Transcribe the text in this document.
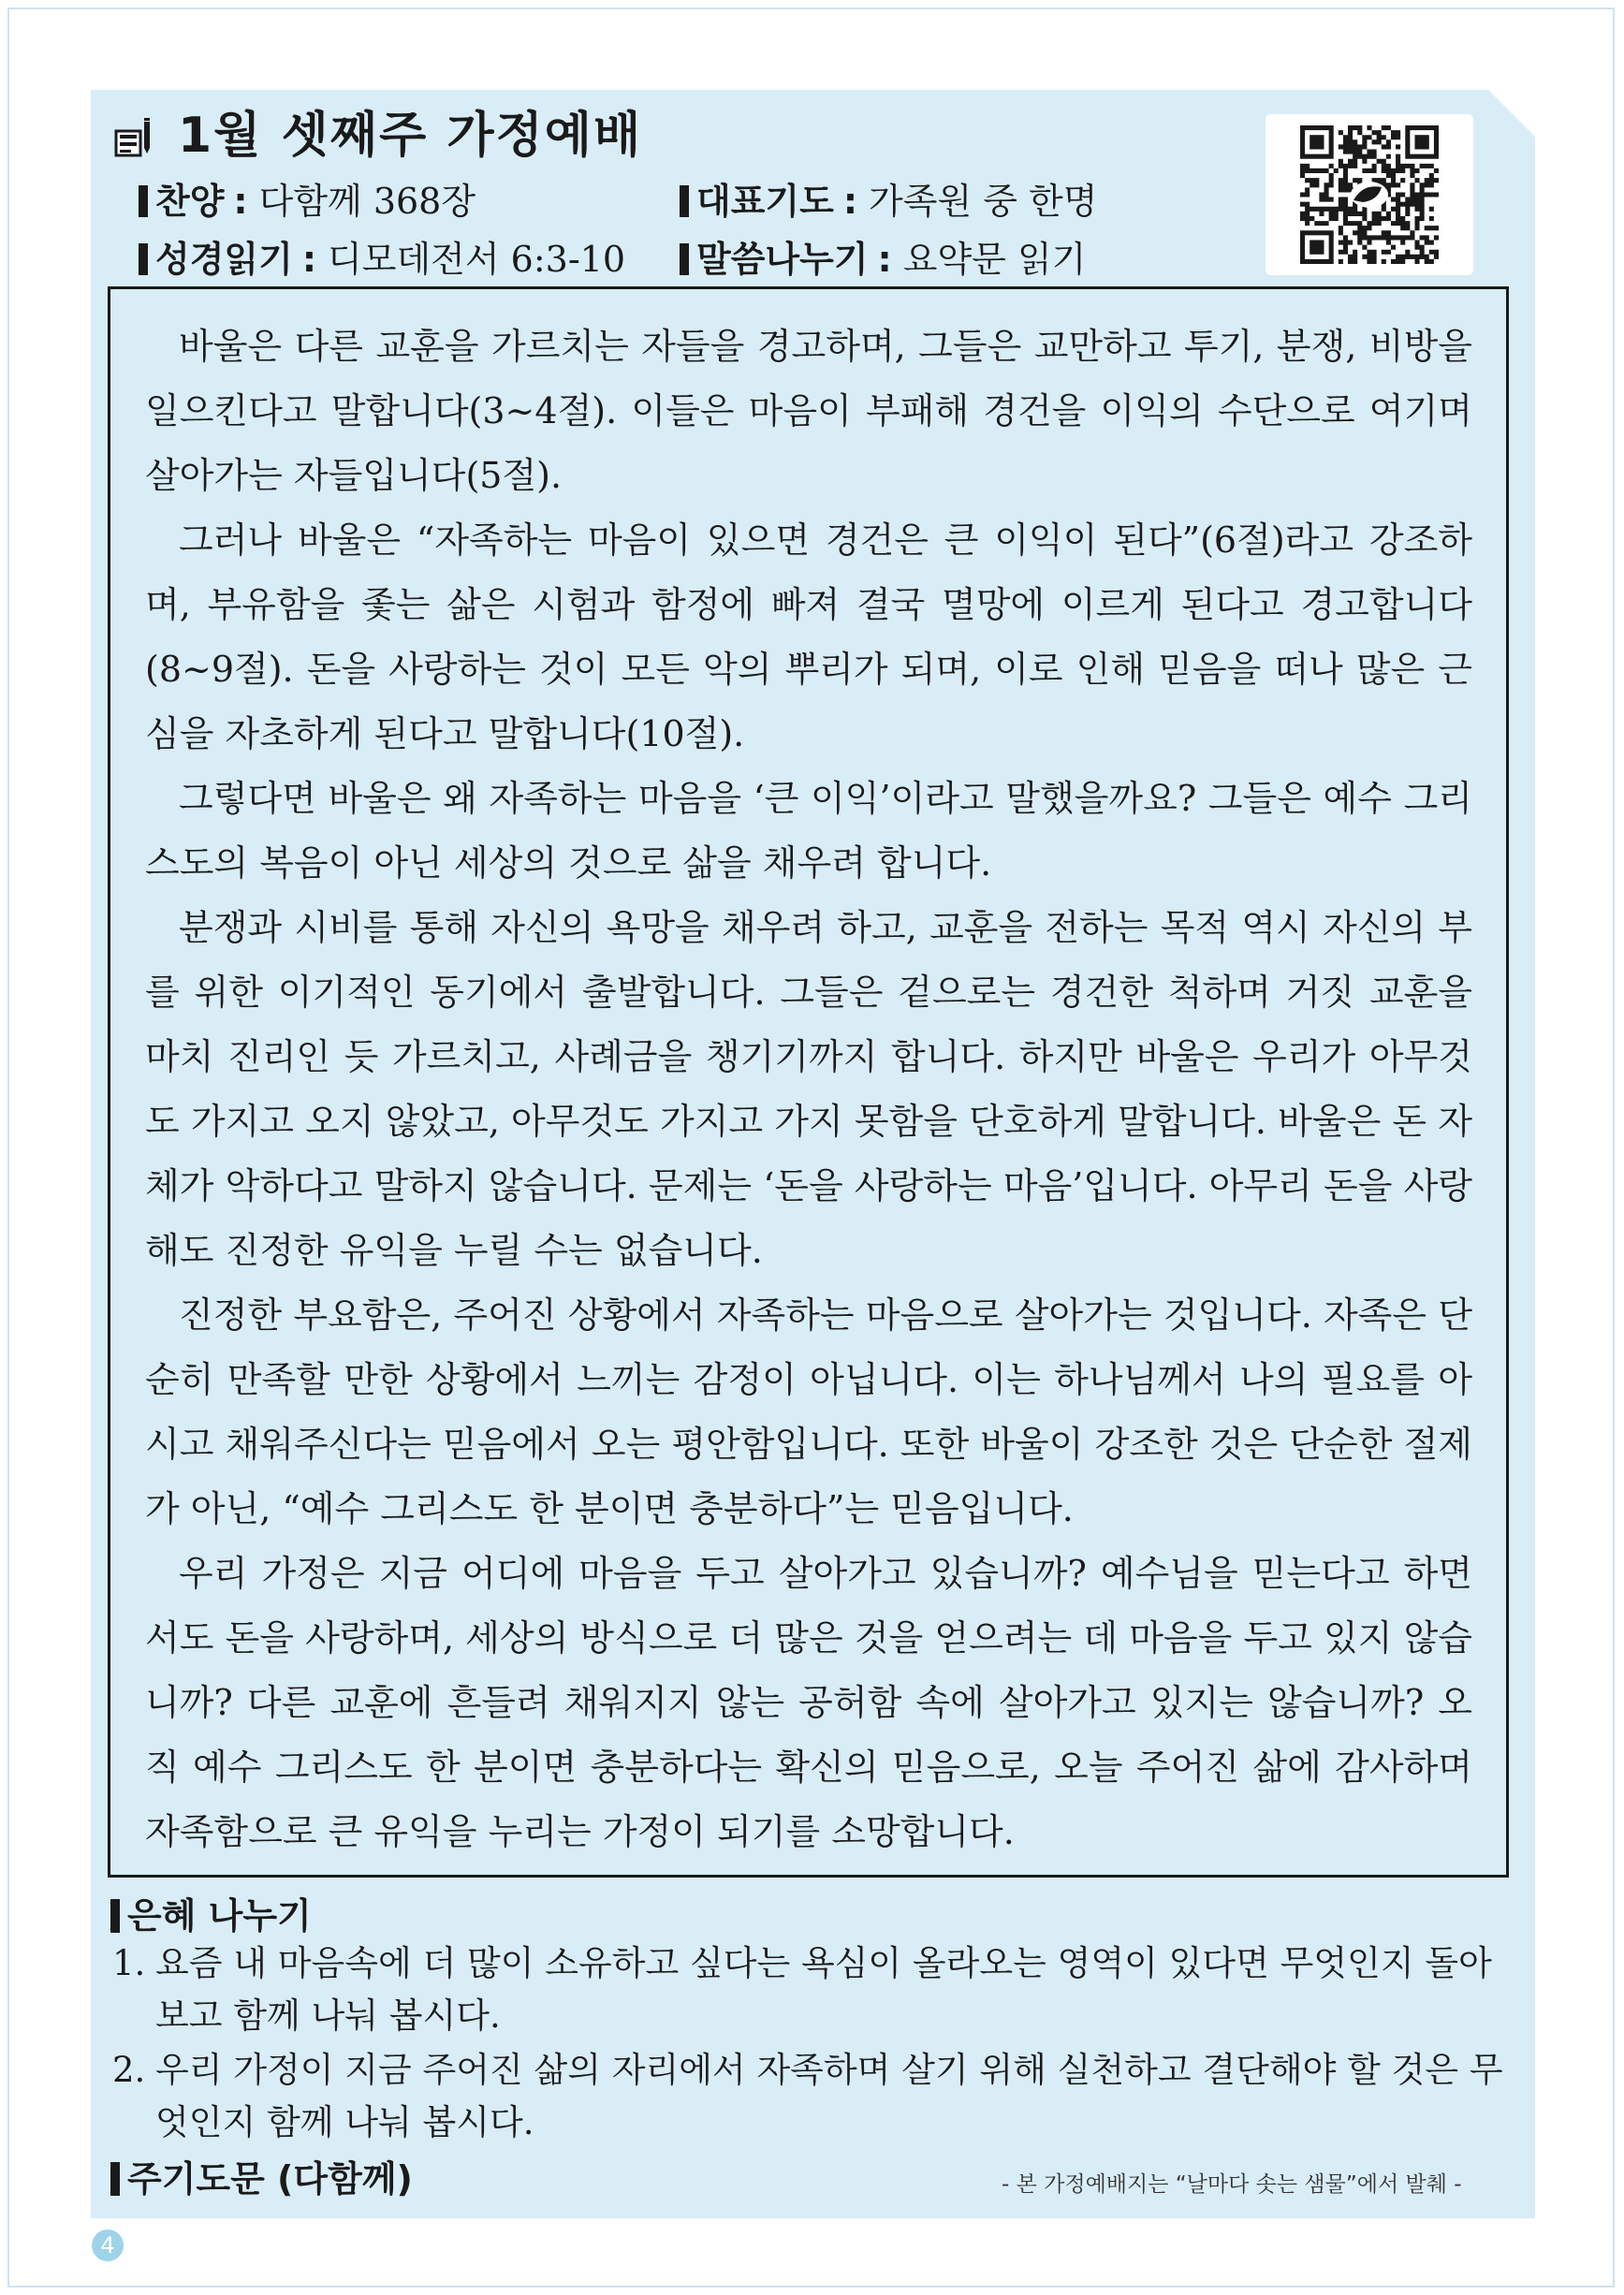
1월 셋째주 가정예배
찬양 : 다함께 368장	대표기도 : 가족원 중 한명
성경읽기 : 디모데전서 6:3-10	말씀나누기 : 요약문 읽기

바울은 다른 교훈을 가르치는 자들을 경고하며, 그들은 교만하고 투기, 분쟁, 비방을 일으킨다고 말합니다(3~4절). 이들은 마음이 부패해 경건을 이익의 수단으로 여기며 살아가는 자들입니다(5절).

그러나 바울은 “자족하는 마음이 있으면 경건은 큰 이익이 된다”(6절)라고 강조하며, 부유함을 좇는 삶은 시험과 함정에 빠져 결국 멸망에 이르게 된다고 경고합니다(8~9절). 돈을 사랑하는 것이 모든 악의 뿌리가 되며, 이로 인해 믿음을 떠나 많은 근심을 자초하게 된다고 말합니다(10절).

그렇다면 바울은 왜 자족하는 마음을 ‘큰 이익’이라고 말했을까요? 그들은 예수 그리스도의 복음이 아닌 세상의 것으로 삶을 채우려 합니다.

분쟁과 시비를 통해 자신의 욕망을 채우려 하고, 교훈을 전하는 목적 역시 자신의 부를 위한 이기적인 동기에서 출발합니다. 그들은 겉으로는 경건한 척하며 거짓 교훈을 마치 진리인 듯 가르치고, 사례금을 챙기기까지 합니다. 하지만 바울은 우리가 아무것도 가지고 오지 않았고, 아무것도 가지고 가지 못함을 단호하게 말합니다. 바울은 돈 자체가 악하다고 말하지 않습니다. 문제는 ‘돈을 사랑하는 마음’입니다. 아무리 돈을 사랑해도 진정한 유익을 누릴 수는 없습니다.

진정한 부요함은, 주어진 상황에서 자족하는 마음으로 살아가는 것입니다. 자족은 단순히 만족할 만한 상황에서 느끼는 감정이 아닙니다. 이는 하나님께서 나의 필요를 아시고 채워주신다는 믿음에서 오는 평안함입니다. 또한 바울이 강조한 것은 단순한 절제가 아닌, “예수 그리스도 한 분이면 충분하다”는 믿음입니다.

우리 가정은 지금 어디에 마음을 두고 살아가고 있습니까? 예수님을 믿는다고 하면서도 돈을 사랑하며, 세상의 방식으로 더 많은 것을 얻으려는 데 마음을 두고 있지 않습니까? 다른 교훈에 흔들려 채워지지 않는 공허함 속에 살아가고 있지는 않습니까? 오직 예수 그리스도 한 분이면 충분하다는 확신의 믿음으로, 오늘 주어진 삶에 감사하며 자족함으로 큰 유익을 누리는 가정이 되기를 소망합니다.

은혜 나누기
1. 요즘 내 마음속에 더 많이 소유하고 싶다는 욕심이 올라오는 영역이 있다면 무엇인지 돌아보고 함께 나눠 봅시다.
2. 우리 가정이 지금 주어진 삶의 자리에서 자족하며 살기 위해 실천하고 결단해야 할 것은 무엇인지 함께 나눠 봅시다.
주기도문 (다함께)	- 본 가정예배지는 “날마다 솟는 샘물”에서 발췌 -
4
